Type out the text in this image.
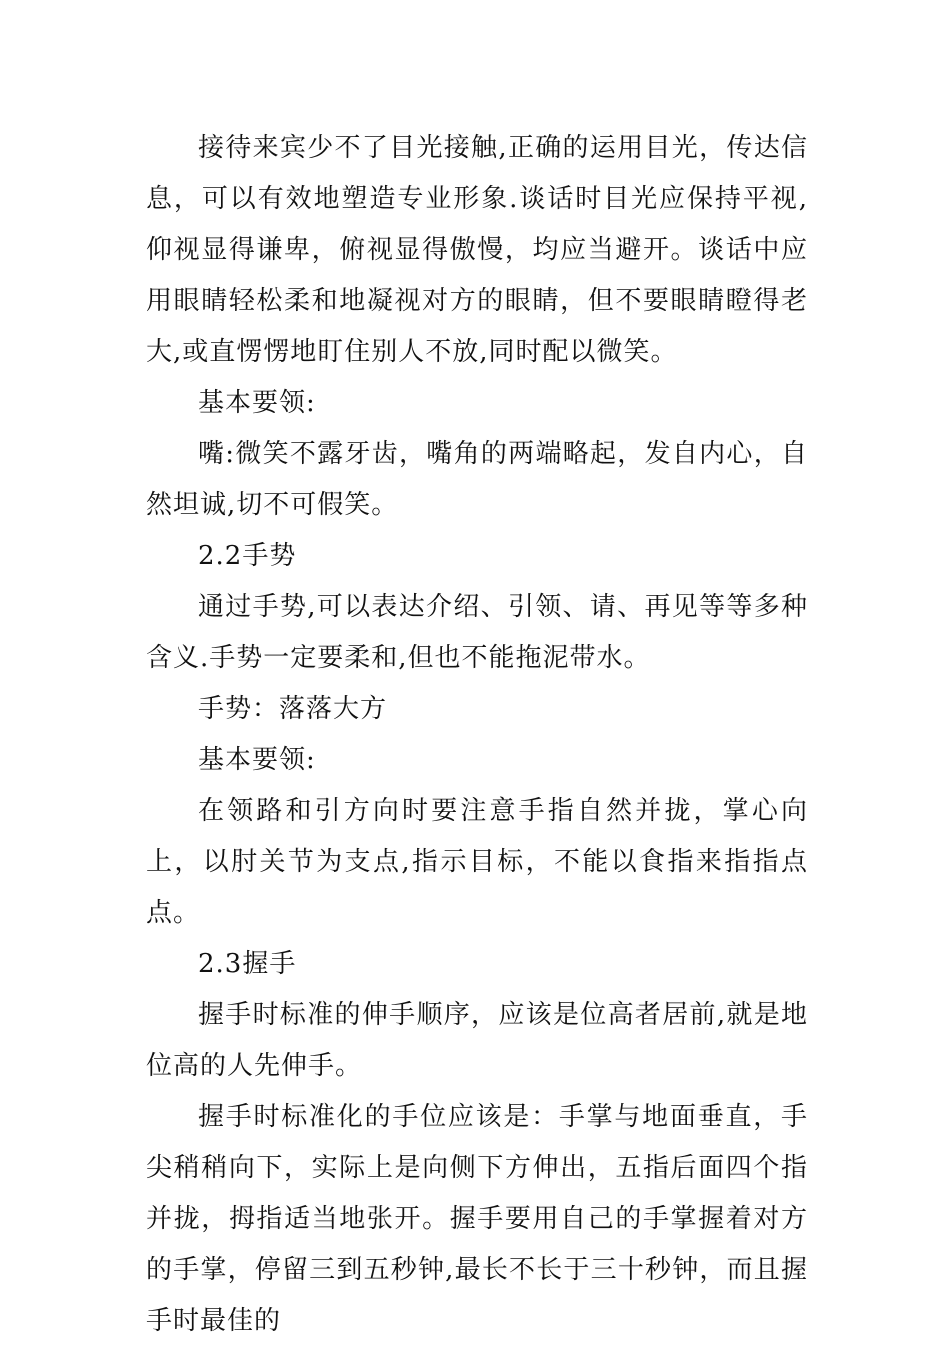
接待来宾少不了目光接触,正确的运用目光，传达信息，可以有效地塑造专业形象.谈话时目光应保持平视,仰视显得谦卑，俯视显得傲慢，均应当避开。谈话中应用眼睛轻松柔和地凝视对方的眼睛，但不要眼睛瞪得老大,或直愣愣地盯住别人不放,同时配以微笑。

基本要领:

嘴:微笑不露牙齿，嘴角的两端略起，发自内心，自然坦诚,切不可假笑。

2.2手势

通过手势,可以表达介绍、引领、请、再见等等多种含义.手势一定要柔和,但也不能拖泥带水。

手势：落落大方

基本要领:

在领路和引方向时要注意手指自然并拢，掌心向上，以肘关节为支点,指示目标，不能以食指来指指点点。

2.3握手

握手时标准的伸手顺序，应该是位高者居前,就是地位高的人先伸手。

握手时标准化的手位应该是：手掌与地面垂直，手尖稍稍向下，实际上是向侧下方伸出，五指后面四个指并拢，拇指适当地张开。握手要用自己的手掌握着对方的手掌，停留三到五秒钟,最长不长于三十秒钟，而且握手时最佳的
